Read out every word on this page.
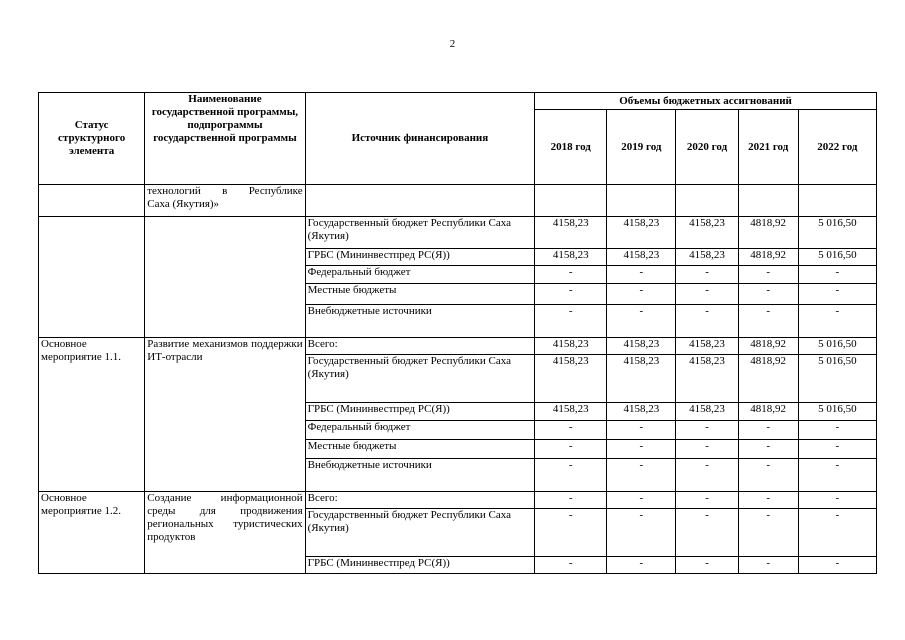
2
Статус структурного элемента	Наименование государственной программы, подпрограммы государственной программы	Источник финансирования	Объемы бюджетных ассигнований				
			2018 год	2019 год	2020 год	2021 год	2022 год

	технологий в Республике
Саха (Якутия)»						

		Государственный бюджет Республики Саха (Якутия)	4158,23	4158,23	4158,23	4818,92	5 016,50
		ГРБС (Мининвестпред РС(Я))	4158,23	4158,23	4158,23	4818,92	5 016,50
		Федеральный бюджет	-	-	-	-	-
		Местные бюджеты	-	-	-	-	-
		Внебюджетные источники	-	-	-	-	-
Основное мероприятие 1.1.	Развитие механизмов поддержки ИТ-отрасли	Всего:	4158,23	4158,23	4158,23	4818,92	5 016,50
		Государственный бюджет Республики Саха (Якутия)	4158,23	4158,23	4158,23	4818,92	5 016,50
		ГРБС (Мининвестпред РС(Я))	4158,23	4158,23	4158,23	4818,92	5 016,50
		Федеральный бюджет	-	-	-	-	-
		Местные бюджеты	-	-	-	-	-
		Внебюджетные источники	-	-	-	-	-
Основное мероприятие 1.2.	Создание информационной среды для продвижения региональных туристических продуктов	Всего:	-	-	-	-	-
		Государственный бюджет Республики Саха (Якутия)	-	-	-	-	-
		ГРБС (Мининвестпред РС(Я))	-	-	-	-	-
